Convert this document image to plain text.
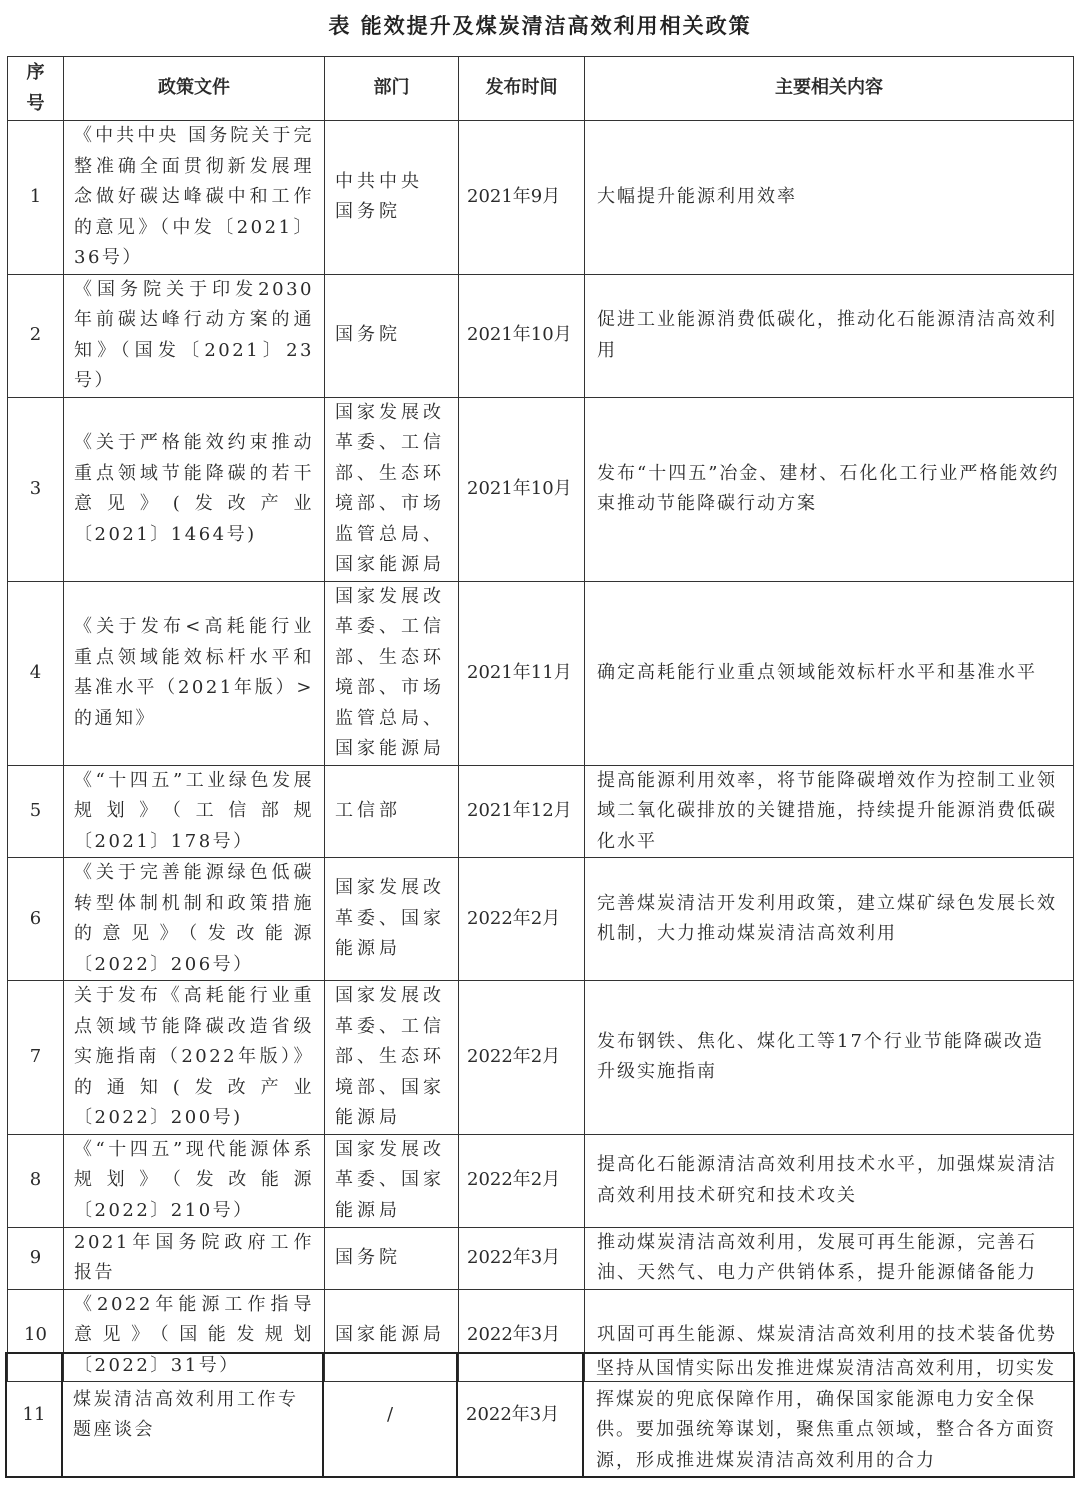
表 能效提升及煤炭清洁高效利用相关政策
序号	政策文件	部门	发布时间	主要相关内容
1	《中共中央 国务院关于完整准确全面贯彻新发展理念做好碳达峰碳中和工作的意见》（中发〔2021〕36号）	中共中央 国务院	2021年9月	大幅提升能源利用效率
2	《国务院关于印发2030年前碳达峰行动方案的通知》（国发〔2021〕23号）	国务院	2021年10月	促进工业能源消费低碳化，推动化石能源清洁高效利用
3	《关于严格能效约束推动重点领域节能降碳的若干意见》(发改产业〔2021〕1464号)	国家发展改革委、工信部、生态环境部、市场监管总局、国家能源局	2021年10月	发布“十四五”冶金、建材、石化化工行业严格能效约束推动节能降碳行动方案
4	《关于发布<高耗能行业重点领域能效标杆水平和基准水平（2021年版）>的通知》	国家发展改革委、工信部、生态环境部、市场监管总局、国家能源局	2021年11月	确定高耗能行业重点领域能效标杆水平和基准水平
5	《“十四五”工业绿色发展规划》（工信部规〔2021〕178号）	工信部	2021年12月	提高能源利用效率，将节能降碳增效作为控制工业领域二氧化碳排放的关键措施，持续提升能源消费低碳化水平
6	《关于完善能源绿色低碳转型体制机制和政策措施的意见》（发改能源〔2022〕206号）	国家发展改革委、国家能源局	2022年2月	完善煤炭清洁开发利用政策，建立煤矿绿色发展长效机制，大力推动煤炭清洁高效利用
7	关于发布《高耗能行业重点领域节能降碳改造省级实施指南（2022年版）》的通知(发改产业〔2022〕200号)	国家发展改革委、工信部、生态环境部、国家能源局	2022年2月	发布钢铁、焦化、煤化工等17个行业节能降碳改造升级实施指南
8	《“十四五”现代能源体系规划》（发改能源〔2022〕210号）	国家发展改革委、国家能源局	2022年2月	提高化石能源清洁高效利用技术水平，加强煤炭清洁高效利用技术研究和技术攻关
9	2021年国务院政府工作报告	国务院	2022年3月	推动煤炭清洁高效利用，发展可再生能源，完善石油、天然气、电力产供销体系，提升能源储备能力
10	《2022年能源工作指导意见》（国能发规划〔2022〕31号）	国家能源局	2022年3月	巩固可再生能源、煤炭清洁高效利用的技术装备优势
11	煤炭清洁高效利用工作专题座谈会	/	2022年3月	坚持从国情实际出发推进煤炭清洁高效利用，切实发挥煤炭的兜底保障作用，确保国家能源电力安全保供。要加强统筹谋划，聚焦重点领域，整合各方面资源，形成推进煤炭清洁高效利用的合力
